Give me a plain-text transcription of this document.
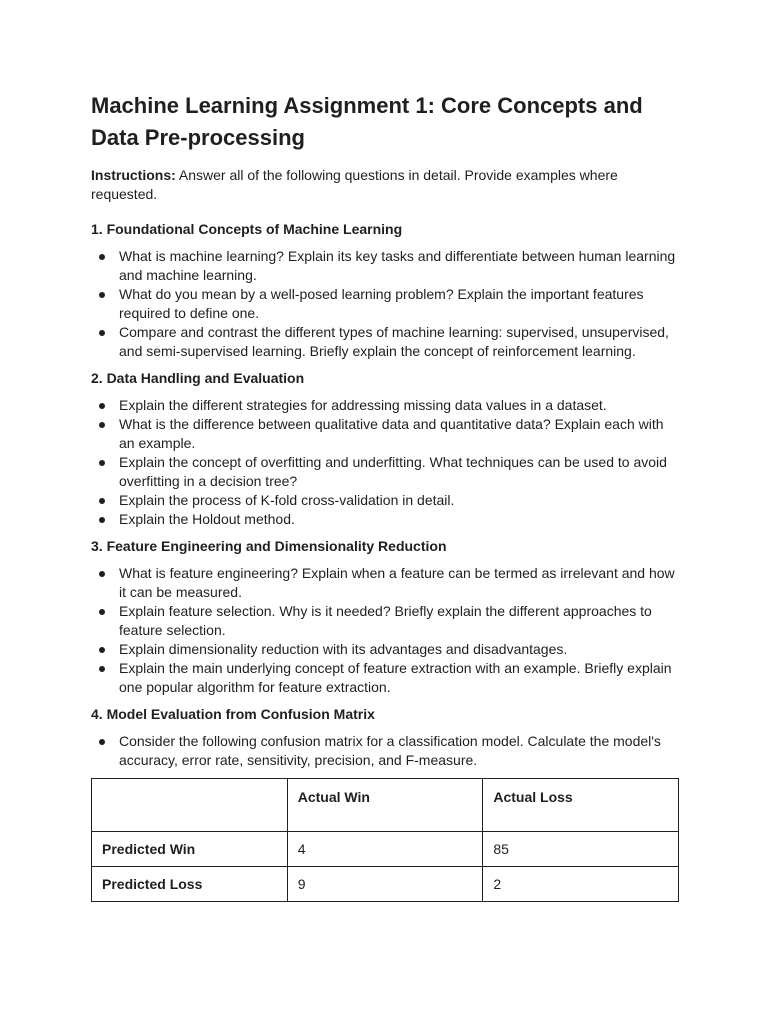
Machine Learning Assignment 1: Core Concepts and Data Pre-processing

Instructions: Answer all of the following questions in detail. Provide examples where requested.

1. Foundational Concepts of Machine Learning
What is machine learning? Explain its key tasks and differentiate between human learning and machine learning.
What do you mean by a well-posed learning problem? Explain the important features required to define one.
Compare and contrast the different types of machine learning: supervised, unsupervised, and semi-supervised learning. Briefly explain the concept of reinforcement learning.
2. Data Handling and Evaluation
Explain the different strategies for addressing missing data values in a dataset.
What is the difference between qualitative data and quantitative data? Explain each with an example.
Explain the concept of overfitting and underfitting. What techniques can be used to avoid overfitting in a decision tree?
Explain the process of K-fold cross-validation in detail.
Explain the Holdout method.
3. Feature Engineering and Dimensionality Reduction
What is feature engineering? Explain when a feature can be termed as irrelevant and how it can be measured.
Explain feature selection. Why is it needed? Briefly explain the different approaches to feature selection.
Explain dimensionality reduction with its advantages and disadvantages.
Explain the main underlying concept of feature extraction with an example. Briefly explain one popular algorithm for feature extraction.
4. Model Evaluation from Confusion Matrix
Consider the following confusion matrix for a classification model. Calculate the model's accuracy, error rate, sensitivity, precision, and F-measure.
	Actual Win	Actual Loss
Predicted Win	4	85
Predicted Loss	9	2
